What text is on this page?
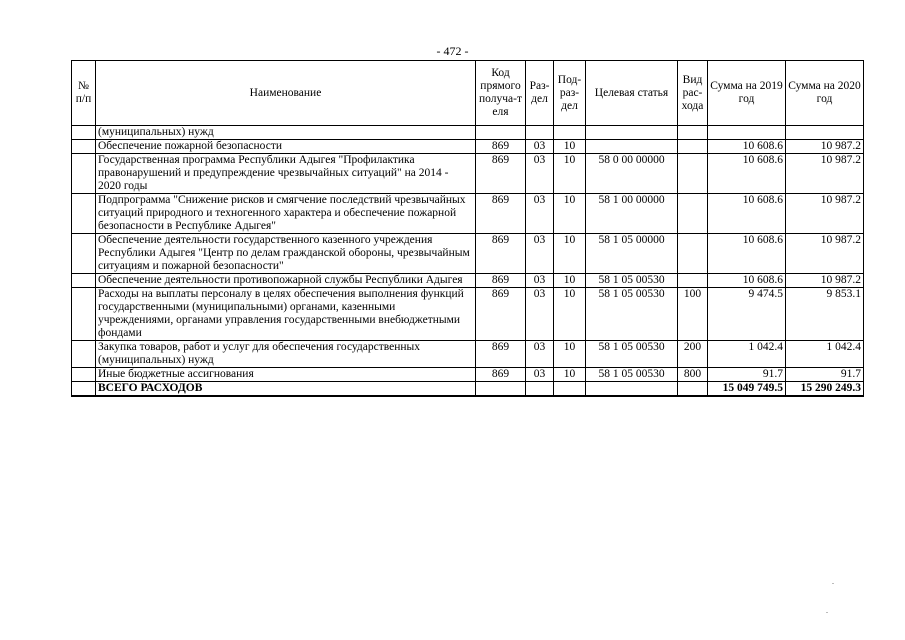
- 472 -
№ п/п	Наименование	Код прямого получа-т еля	Раз- дел	Под- раз- дел	Целевая статья	Вид рас- хода	Сумма на 2019 год	Сумма на 2020 год
	(муниципальных) нужд							
	Обеспечение пожарной безопасности	869	03	10			10 608.6	10 987.2
	Государственная программа Республики Адыгея "Профилактика правонарушений и предупреждение чрезвычайных ситуаций" на 2014 - 2020 годы	869	03	10	58 0 00 00000		10 608.6	10 987.2
	Подпрограмма "Снижение рисков и смягчение последствий чрезвычайных ситуаций природного и техногенного характера и обеспечение пожарной безопасности в Республике Адыгея"	869	03	10	58 1 00 00000		10 608.6	10 987.2
	Обеспечение деятельности государственного казенного учреждения Республики Адыгея "Центр по делам гражданской обороны, чрезвычайным ситуациям и пожарной безопасности"	869	03	10	58 1 05 00000		10 608.6	10 987.2
	Обеспечение деятельности противопожарной службы Республики Адыгея	869	03	10	58 1 05 00530		10 608.6	10 987.2
	Расходы на выплаты персоналу в целях обеспечения выполнения функций государственными (муниципальными) органами, казенными учреждениями, органами управления государственными внебюджетными фондами	869	03	10	58 1 05 00530	100	9 474.5	9 853.1
	Закупка товаров, работ и услуг для обеспечения государственных (муниципальных) нужд	869	03	10	58 1 05 00530	200	1 042.4	1 042.4
	Иные бюджетные ассигнования	869	03	10	58 1 05 00530	800	91.7	91.7
	ВСЕГО РАСХОДОВ						15 049 749.5	15 290 249.3
